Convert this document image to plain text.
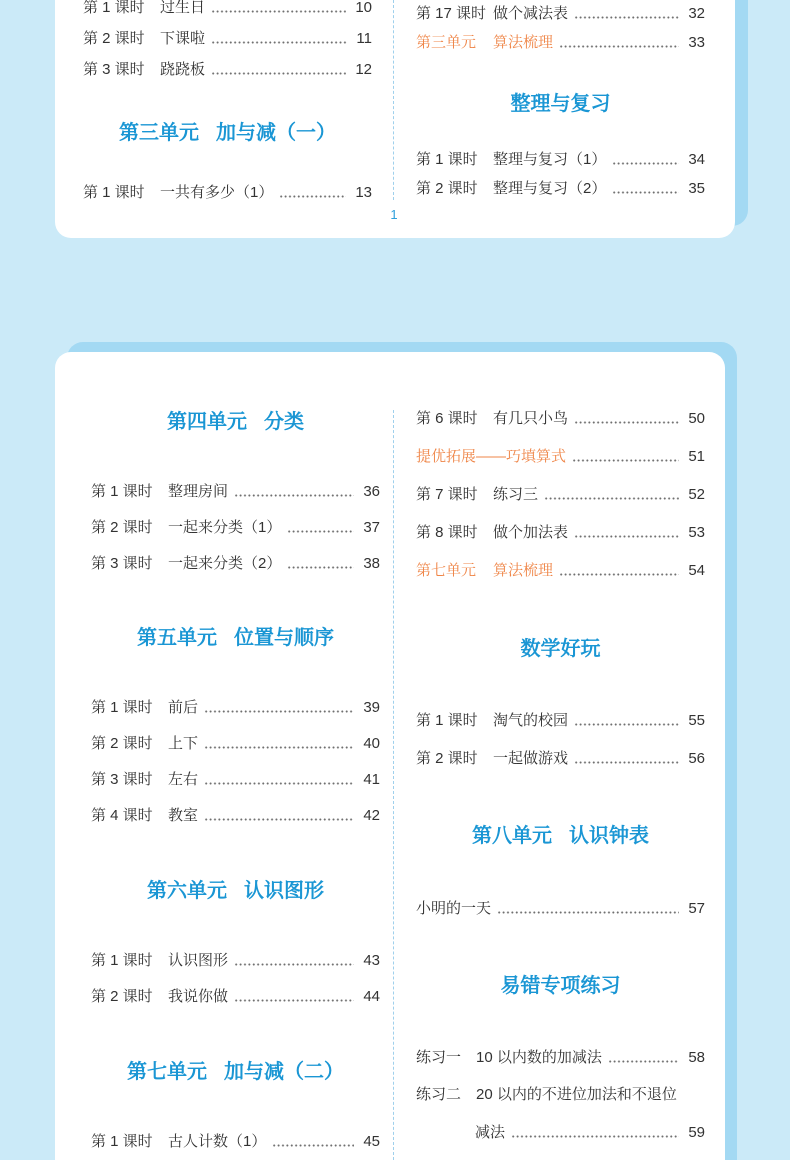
1
第 1 课时	过生日	10
第 2 课时	下课啦	11
第 3 课时	跷跷板	12
第三单元 加与减（一）
第 1 课时	一共有多少（1）	13
第 17 课时 做个减法表	32
第三单元	算法梳理	33
整理与复习
第 1 课时	整理与复习（1）	34
第 2 课时	整理与复习（2）	35
第四单元 分类
第 1 课时	整理房间	36
第 2 课时	一起来分类（1）	37
第 3 课时	一起来分类（2）	38
第五单元 位置与顺序
第 1 课时	前后	39
第 2 课时	上下	40
第 3 课时	左右	41
第 4 课时	教室	42
第六单元 认识图形
第 1 课时	认识图形	43
第 2 课时	我说你做	44
第七单元 加与减（二）
第 1 课时	古人计数（1）	45
第 6 课时	有几只小鸟	50
提优拓展——巧填算式	51
第 7 课时	练习三	52
第 8 课时	做个加法表	53
第七单元	算法梳理	54
数学好玩
第 1 课时	淘气的校园	55
第 2 课时	一起做游戏	56
第八单元 认识钟表
小明的一天	57
易错专项练习
练习一 10 以内数的加减法	58
练习二 20 以内的不进位加法和不退位
减法	59
